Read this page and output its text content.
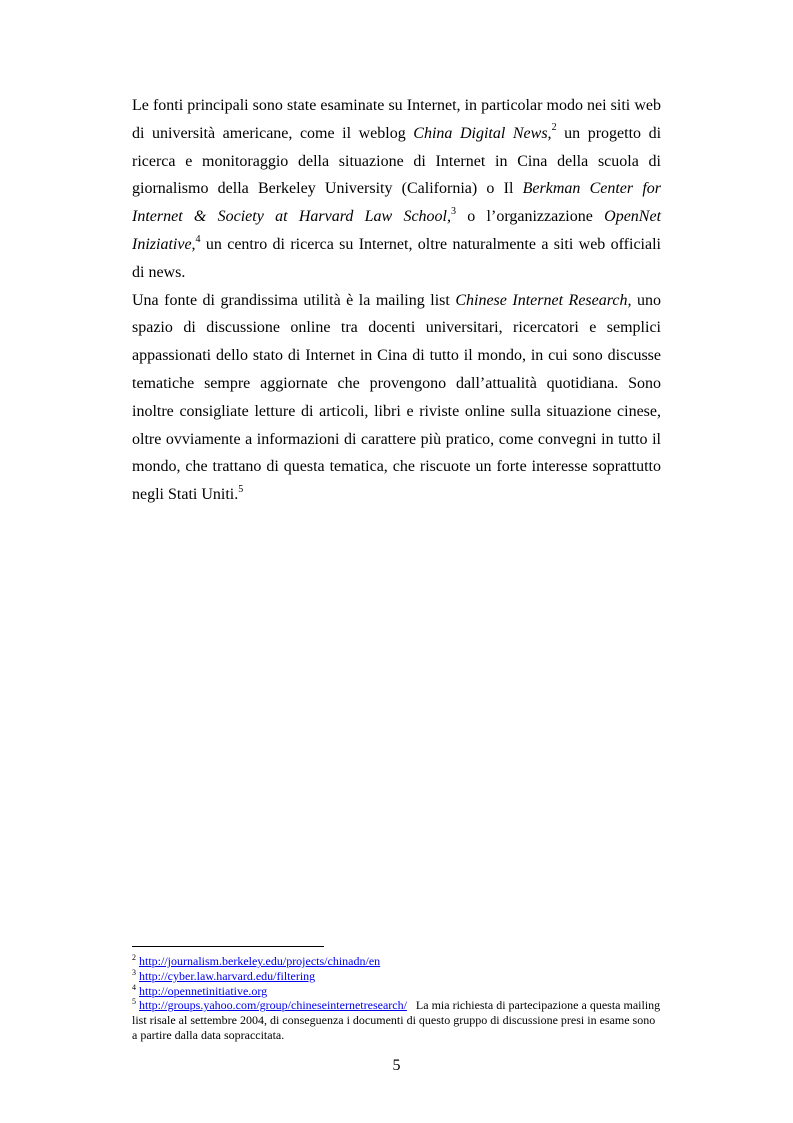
Le fonti principali sono state esaminate su Internet, in particolar modo nei siti web di università americane, come il weblog China Digital News,$^2$ un progetto di ricerca e monitoraggio della situazione di Internet in Cina della scuola di giornalismo della Berkeley University (California) o Il Berkman Center for Internet & Society at Harvard Law School,$^3$ o l’organizzazione OpenNet Iniziative,$^4$ un centro di ricerca su Internet, oltre naturalmente a siti web officiali di news.

Una fonte di grandissima utilità è la mailing list Chinese Internet Research, uno spazio di discussione online tra docenti universitari, ricercatori e semplici appassionati dello stato di Internet in Cina di tutto il mondo, in cui sono discusse tematiche sempre aggiornate che provengono dall’attualità quotidiana. Sono inoltre consigliate letture di articoli, libri e riviste online sulla situazione cinese, oltre ovviamente a informazioni di carattere più pratico, come convegni in tutto il mondo, che trattano di questa tematica, che riscuote un forte interesse soprattutto negli Stati Uniti.$^5$

$^2$ http://journalism.berkeley.edu/projects/chinadn/en

$^3$ http://cyber.law.harvard.edu/filtering

$^4$ http://opennetinitiative.org

$^5$ http://groups.yahoo.com/group/chineseinternetresearch/ La mia richiesta di partecipazione a questa mailing list risale al settembre 2004, di conseguenza i documenti di questo gruppo di discussione presi in esame sono a partire dalla data sopraccitata.

5
